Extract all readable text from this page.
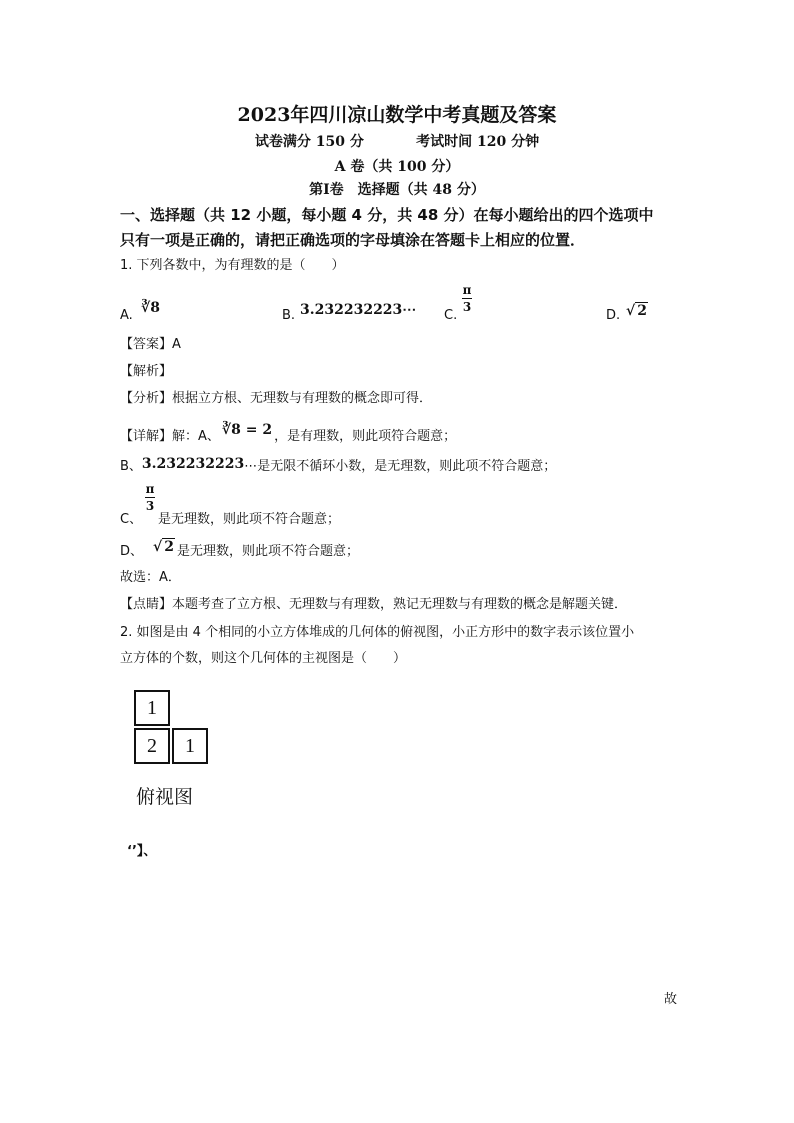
2023年四川凉山数学中考真题及答案
试卷满分 150 分	考试时间 120 分钟
A 卷（共 100 分）
第Ⅰ卷　选择题（共 48 分）
一、选择题（共 12 小题，每小题 4 分，共 48 分）在每小题给出的四个选项中
只有一项是正确的，请把正确选项的字母填涂在答题卡上相应的位置．
1. 下列各数中，为有理数的是（　　）
A. ∛8	B. 3.232232223⋯ C.
π
3
D. √ 2
【答案】A
【解析】
【分析】根据立方根、无理数与有理数的概念即可得．
【详解】解：A、 ∛8 = 2 ，是有理数，则此项符合题意；
B、3.232232223⋯是无限不循环小数，是无理数，则此项不符合题意；
π
3
C、 是无理数，则此项不符合题意；
D、 √ 2 是无理数，则此项不符合题意；
故选：A．
【点睛】本题考查了立方根、无理数与有理数，熟记无理数与有理数的概念是解题关键．
2. 如图是由 4 个相同的小立方体堆成的几何体的俯视图，小正方形中的数字表示该位置小
立方体的个数，则这个几何体的主视图是（　　）
1
2	1
俯视图
‘’】、
故
